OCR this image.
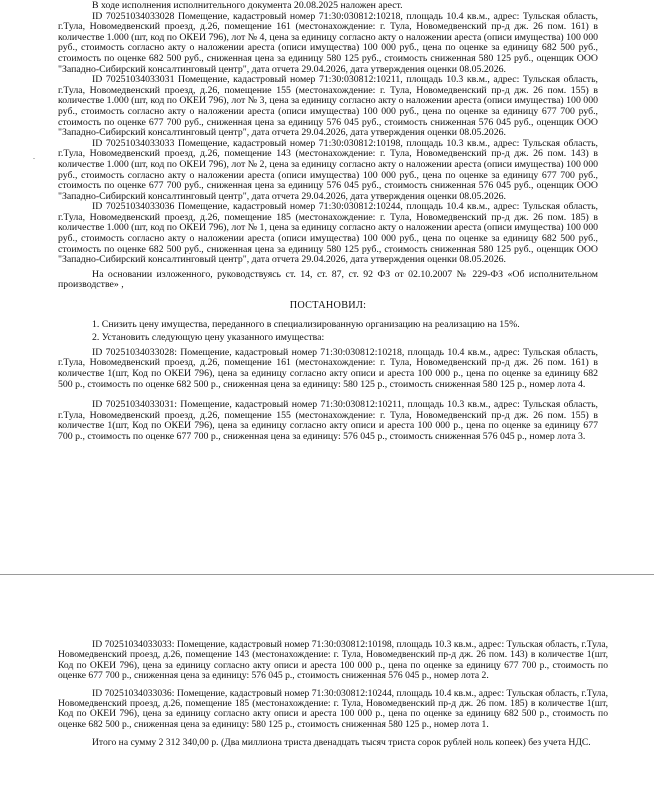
В ходе исполнения исполнительного документа 20.08.2025 наложен арест.

ID 70251034033028 Помещение, кадастровый номер 71:30:030812:10218, площадь 10.4 кв.м., адрес: Тульская область, г.Тула, Новомедвенский проезд, д.26, помещение 161 (местонахождение: г. Тула, Новомедвенский пр-д дж. 26 пом. 161) в количестве 1.000 (шт, код по ОКЕИ 796), лот № 4, цена за единицу согласно акту о наложении ареста (описи имущества) 100 000 руб., стоимость согласно акту о наложении ареста (описи имущества) 100 000 руб., цена по оценке за единицу 682 500 руб., стоимость по оценке 682 500 руб., сниженная цена за единицу 580 125 руб., стоимость сниженная 580 125 руб., оценщик ООО "Западно-Сибирский консалтинговый центр", дата отчета 29.04.2026, дата утверждения оценки 08.05.2026.

ID 70251034033031 Помещение, кадастровый номер 71:30:030812:10211, площадь 10.3 кв.м., адрес: Тульская область, г.Тула, Новомедвенский проезд, д.26, помещение 155 (местонахождение: г. Тула, Новомедвенский пр-д дж. 26 пом. 155) в количестве 1.000 (шт, код по ОКЕИ 796), лот № 3, цена за единицу согласно акту о наложении ареста (описи имущества) 100 000 руб., стоимость согласно акту о наложении ареста (описи имущества) 100 000 руб., цена по оценке за единицу 677 700 руб., стоимость по оценке 677 700 руб., сниженная цена за единицу 576 045 руб., стоимость сниженная 576 045 руб., оценщик ООО "Западно-Сибирский консалтинговый центр", дата отчета 29.04.2026, дата утверждения оценки 08.05.2026.

ID 70251034033033 Помещение, кадастровый номер 71:30:030812:10198, площадь 10.3 кв.м., адрес: Тульская область, г.Тула, Новомедвенский проезд, д.26, помещение 143 (местонахождение: г. Тула, Новомедвенский пр-д дж. 26 пом. 143) в количестве 1.000 (шт, код по ОКЕИ 796), лот № 2, цена за единицу согласно акту о наложении ареста (описи имущества) 100 000 руб., стоимость согласно акту о наложении ареста (описи имущества) 100 000 руб., цена по оценке за единицу 677 700 руб., стоимость по оценке 677 700 руб., сниженная цена за единицу 576 045 руб., стоимость сниженная 576 045 руб., оценщик ООО "Западно-Сибирский консалтинговый центр", дата отчета 29.04.2026, дата утверждения оценки 08.05.2026.

ID 70251034033036 Помещение, кадастровый номер 71:30:030812:10244, площадь 10.4 кв.м., адрес: Тульская область, г.Тула, Новомедвенский проезд, д.26, помещение 185 (местонахождение: г. Тула, Новомедвенский пр-д дж. 26 пом. 185) в количестве 1.000 (шт, код по ОКЕИ 796), лот № 1, цена за единицу согласно акту о наложении ареста (описи имущества) 100 000 руб., стоимость согласно акту о наложении ареста (описи имущества) 100 000 руб., цена по оценке за единицу 682 500 руб., стоимость по оценке 682 500 руб., сниженная цена за единицу 580 125 руб., стоимость сниженная 580 125 руб., оценщик ООО "Западно-Сибирский консалтинговый центр", дата отчета 29.04.2026, дата утверждения оценки 08.05.2026.

На основании изложенного, руководствуясь ст. 14, ст. 87, ст. 92 ФЗ от 02.10.2007 № 229-ФЗ «Об исполнительном производстве» ,

ПОСТАНОВИЛ:

1. Снизить цену имущества, переданного в специализированную организацию на реализацию на 15%.

2. Установить следующую цену указанного имущества:

ID 70251034033028: Помещение, кадастровый номер 71:30:030812:10218, площадь 10.4 кв.м., адрес: Тульская область, г.Тула, Новомедвенский проезд, д.26, помещение 161 (местонахождение: г. Тула, Новомедвенский пр-д дж. 26 пом. 161) в количестве 1(шт, Код по ОКЕИ 796), цена за единицу согласно акту описи и ареста 100 000 р., цена по оценке за единицу 682 500 р., стоимость по оценке 682 500 р., сниженная цена за единицу: 580 125 р., стоимость сниженная 580 125 р., номер лота 4.

ID 70251034033031: Помещение, кадастровый номер 71:30:030812:10211, площадь 10.3 кв.м., адрес: Тульская область, г.Тула, Новомедвенский проезд, д.26, помещение 155 (местонахождение: г. Тула, Новомедвенский пр-д дж. 26 пом. 155) в количестве 1(шт, Код по ОКЕИ 796), цена за единицу согласно акту описи и ареста 100 000 р., цена по оценке за единицу 677 700 р., стоимость по оценке 677 700 р., сниженная цена за единицу: 576 045 р., стоимость сниженная 576 045 р., номер лота 3.

.

ID 70251034033033: Помещение, кадастровый номер 71:30:030812:10198, площадь 10.3 кв.м., адрес: Тульская область, г.Тула, Новомедвенский проезд, д.26, помещение 143 (местонахождение: г. Тула, Новомедвенский пр-д дж. 26 пом. 143) в количестве 1(шт, Код по ОКЕИ 796), цена за единицу согласно акту описи и ареста 100 000 р., цена по оценке за единицу 677 700 р., стоимость по оценке 677 700 р., сниженная цена за единицу: 576 045 р., стоимость сниженная 576 045 р., номер лота 2.

ID 70251034033036: Помещение, кадастровый номер 71:30:030812:10244, площадь 10.4 кв.м., адрес: Тульская область, г.Тула, Новомедвенский проезд, д.26, помещение 185 (местонахождение: г. Тула, Новомедвенский пр-д дж. 26 пом. 185) в количестве 1(шт, Код по ОКЕИ 796), цена за единицу согласно акту описи и ареста 100 000 р., цена по оценке за единицу 682 500 р., стоимость по оценке 682 500 р., сниженная цена за единицу: 580 125 р., стоимость сниженная 580 125 р., номер лота 1.

Итого на сумму 2 312 340,00 р. (Два миллиона триста двенадцать тысяч триста сорок рублей ноль копеек) без учета НДС.
